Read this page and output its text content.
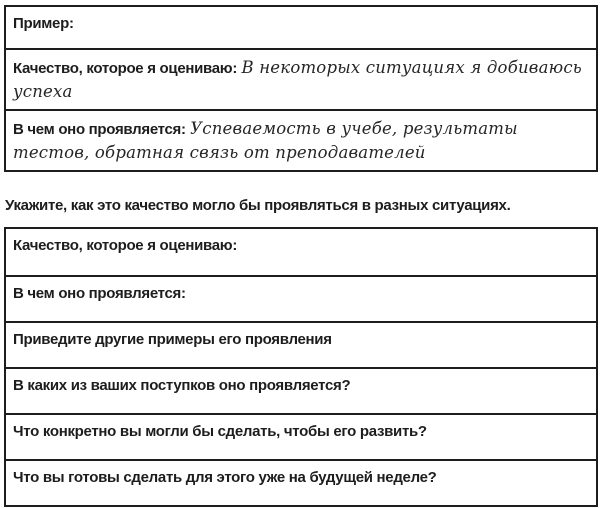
Пример:
Качество, которое я оцениваю: В некоторых ситуациях я добиваюсь успеха
В чем оно проявляется: Успеваемость в учебе, результаты тестов, обратная связь от преподавателей

Укажите, как это качество могло бы проявляться в разных ситуациях.

Качество, которое я оцениваю:
В чем оно проявляется:
Приведите другие примеры его проявления
В каких из ваших поступков оно проявляется?
Что конкретно вы могли бы сделать, чтобы его развить?
Что вы готовы сделать для этого уже на будущей неделе?
